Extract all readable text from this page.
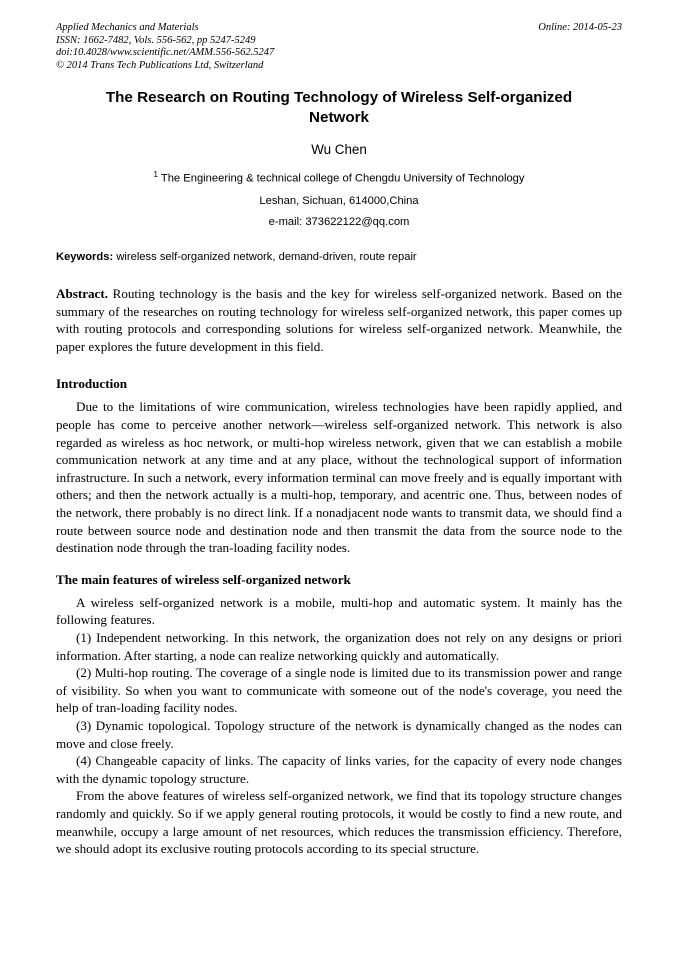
Applied Mechanics and Materials
ISSN: 1662-7482, Vols. 556-562, pp 5247-5249
doi:10.4028/www.scientific.net/AMM.556-562.5247
© 2014 Trans Tech Publications Ltd, Switzerland
Online: 2014-05-23
The Research on Routing Technology of Wireless Self-organized Network
Wu Chen
$^1$ The Engineering & technical college of Chengdu University of Technology
Leshan, Sichuan, 614000,China
e-mail: 373622122@qq.com
Keywords: wireless self-organized network, demand-driven, route repair
Abstract. Routing technology is the basis and the key for wireless self-organized network. Based on the summary of the researches on routing technology for wireless self-organized network, this paper comes up with routing protocols and corresponding solutions for wireless self-organized network. Meanwhile, the paper explores the future development in this field.
Introduction

Due to the limitations of wire communication, wireless technologies have been rapidly applied, and people has come to perceive another network—wireless self-organized network. This network is also regarded as wireless as hoc network, or multi-hop wireless network, given that we can establish a mobile communication network at any time and at any place, without the technological support of information infrastructure. In such a network, every information terminal can move freely and is equally important with others; and then the network actually is a multi-hop, temporary, and acentric one. Thus, between nodes of the network, there probably is no direct link. If a nonadjacent node wants to transmit data, we should find a route between source node and destination node and then transmit the data from the source node to the destination node through the tran-loading facility nodes.

The main features of wireless self-organized network

A wireless self-organized network is a mobile, multi-hop and automatic system. It mainly has the following features.

(1) Independent networking. In this network, the organization does not rely on any designs or priori information. After starting, a node can realize networking quickly and automatically.

(2) Multi-hop routing. The coverage of a single node is limited due to its transmission power and range of visibility. So when you want to communicate with someone out of the node's coverage, you need the help of tran-loading facility nodes.

(3) Dynamic topological. Topology structure of the network is dynamically changed as the nodes can move and close freely.

(4) Changeable capacity of links. The capacity of links varies, for the capacity of every node changes with the dynamic topology structure.

From the above features of wireless self-organized network, we find that its topology structure changes randomly and quickly. So if we apply general routing protocols, it would be costly to find a new route, and meanwhile, occupy a large amount of net resources, which reduces the transmission efficiency. Therefore, we should adopt its exclusive routing protocols according to its special structure.
